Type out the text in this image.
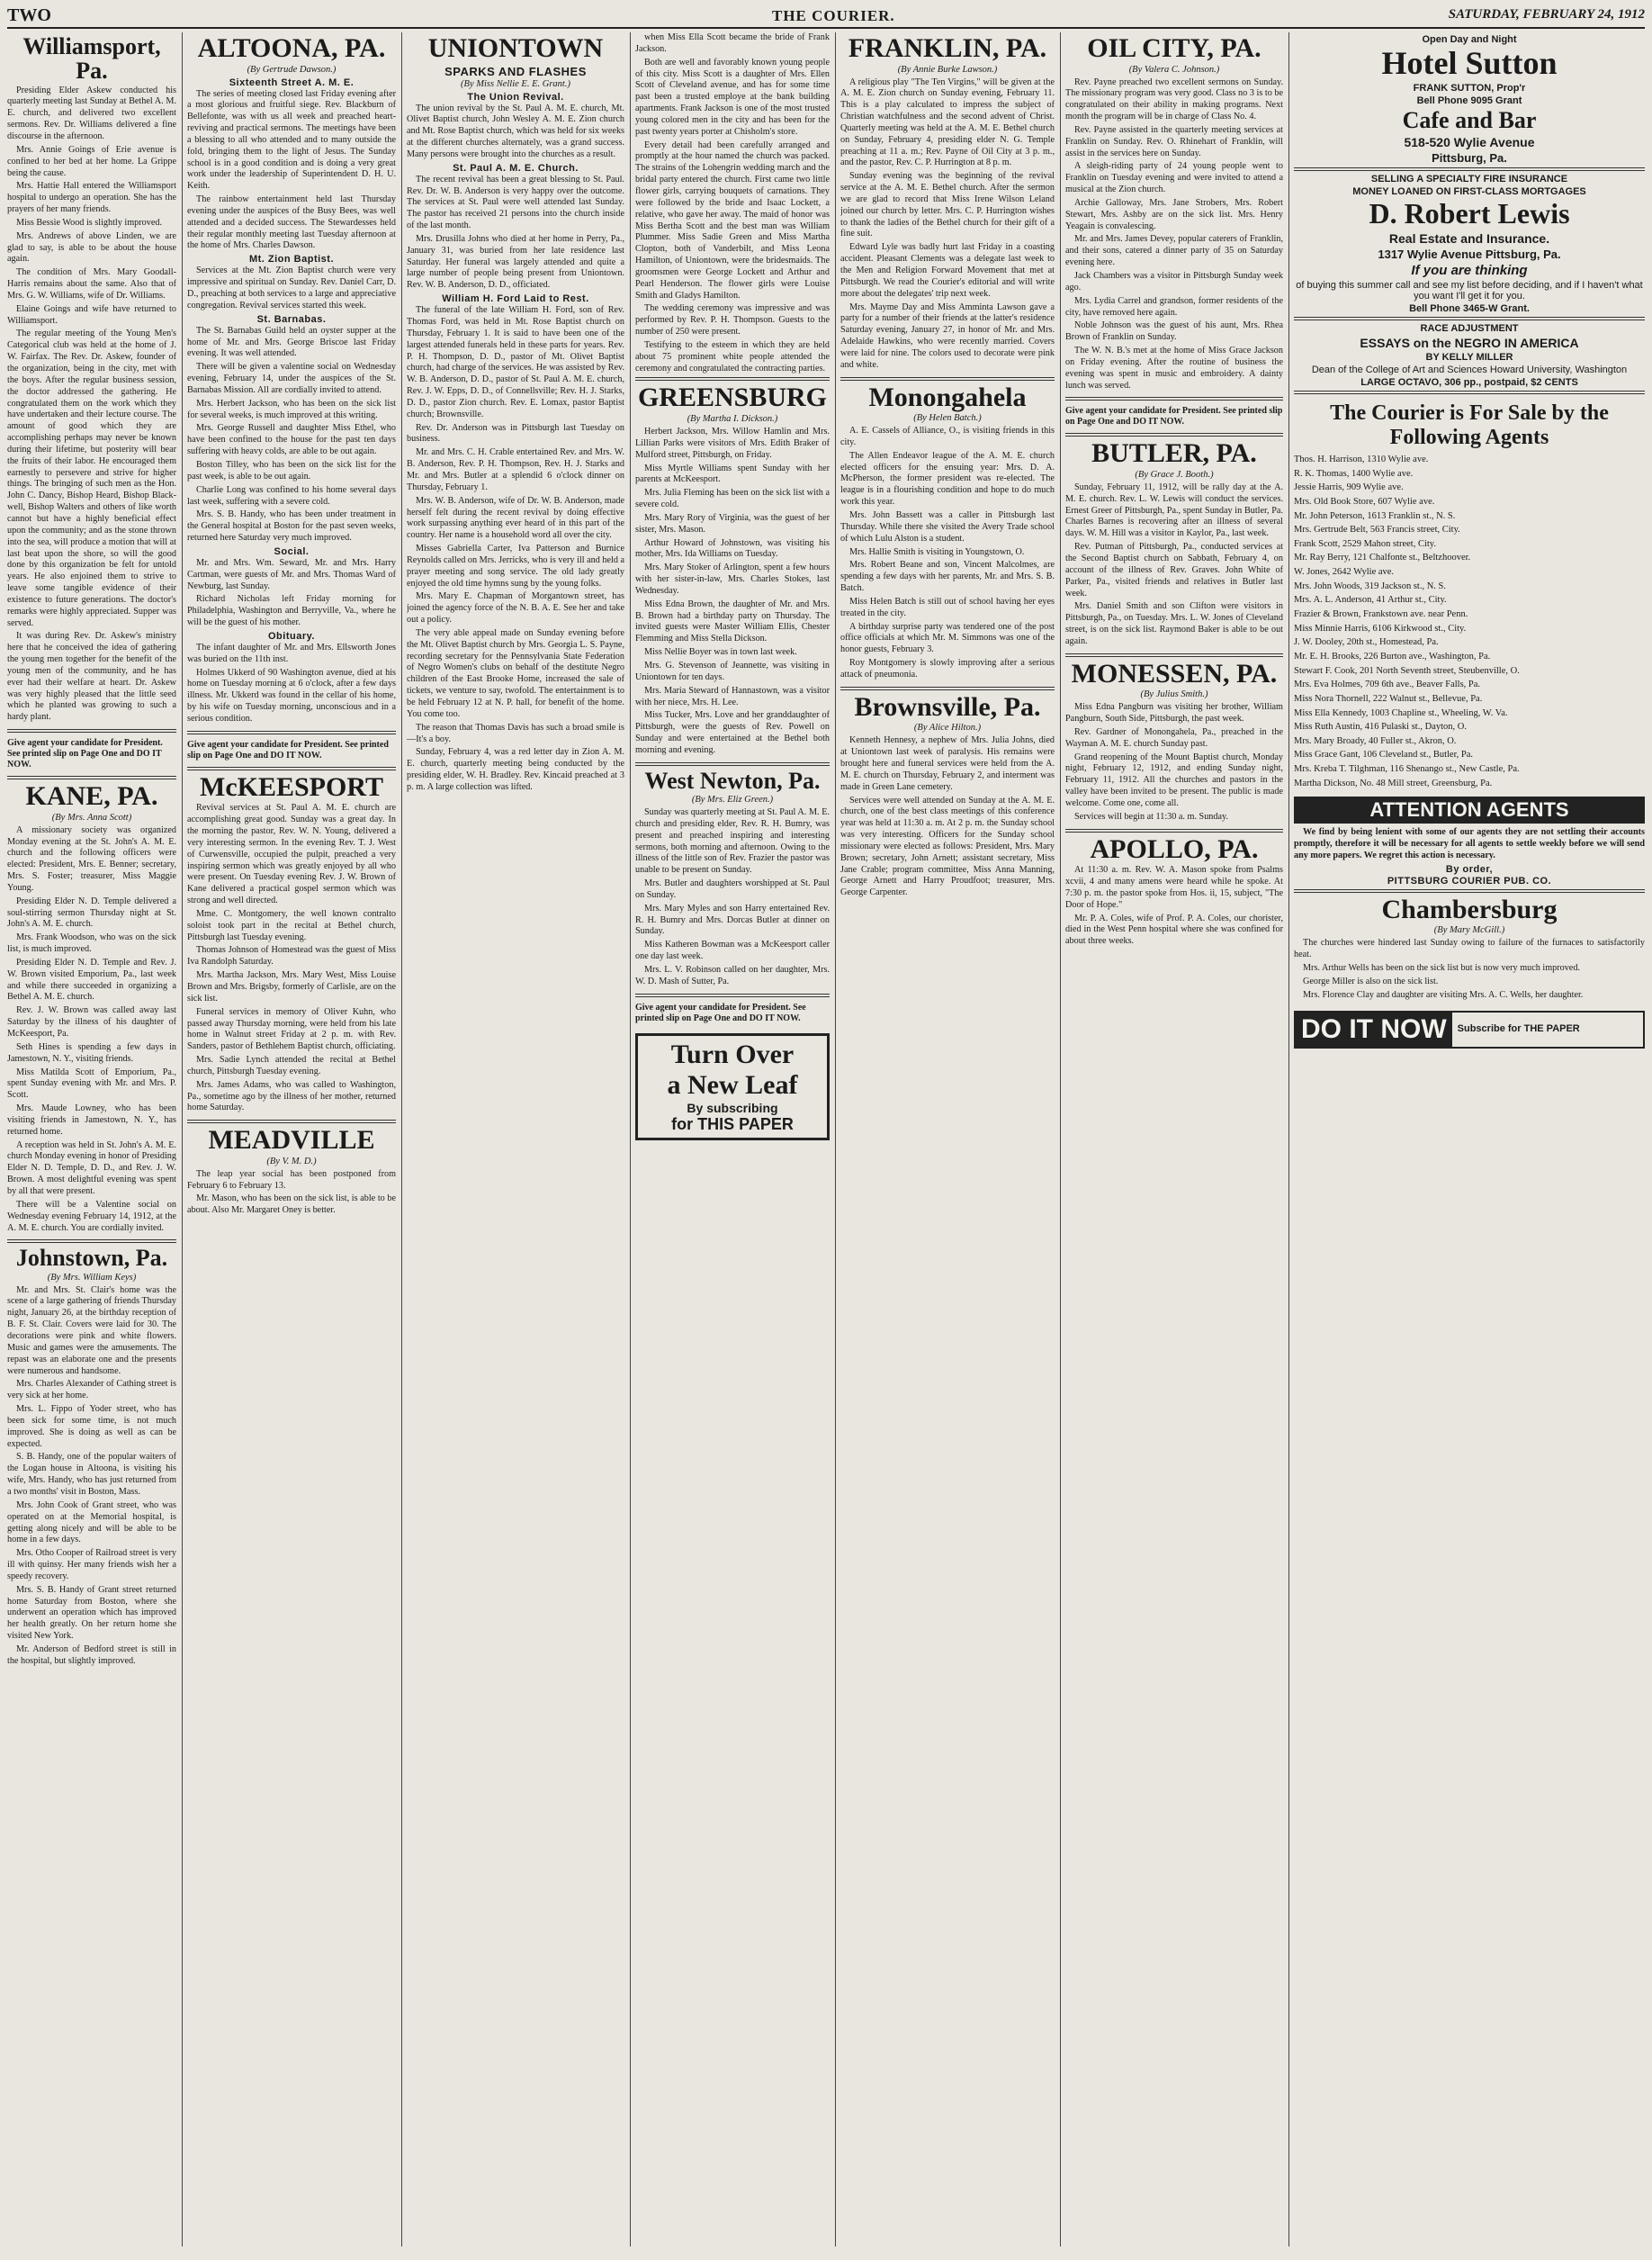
TWO	THE COURIER.	SATURDAY, FEBRUARY 24, 1912
Williamsport, Pa.
Presiding Elder Askew conducted his quarterly meeting last Sunday at Bethel A. M. E. church, and delivered two excellent sermons. Rev. Dr. Williams delivered a fine discourse in the afternoon.
Mrs. Annie Goings of Erie avenue is confined to her bed at her home. La Grippe being the cause.
Mrs. Hattie Hall entered the Williamsport hospital to undergo an operation. She has the prayers of her many friends.
Miss Bessie Wood is slightly improved.
Mrs. Andrews of above Linden, we are glad to say, is able to be about the house again.
The condition of Mrs. Mary Goodall-Harris remains about the same. Also that of Mrs. G. W. Williams, wife of Dr. Williams.
Elaine Goings and wife have returned to Williamsport.
The regular meeting of the Young Men's Categorical club was held at the home of J. W. Fairfax. The Rev. Dr. Askew, founder of the organization, being in the city, met with the boys. After the regular business session, the doctor addressed the gathering. He congratulated them on the work which they have undertaken and their lecture course. The amount of good which they are accomplishing perhaps may never be known during their lifetime, but posterity will bear the fruits of their labor. He encouraged them earnestly to persevere and strive for higher things. The bringing of such men as the Hon. John C. Dancy, Bishop Heard, Bishop Black-well, Bishop Walters and others of like worth cannot but have a highly beneficial effect upon the community; and as the stone thrown into the sea, will produce a motion that will at last beat upon the shore, so will the good done by this organization be felt for untold years. He also enjoined them to strive to leave some tangible evidence of their existence to future generations. The doctor's remarks were highly appreciated. Supper was served.
It was during Rev. Dr. Askew's ministry here that he conceived the idea of gathering the young men together for the benefit of the young men of the community, and he has ever had their welfare at heart. Dr. Askew was very highly pleased that the little seed which he planted was growing to such a hardy plant.
Give agent your candidate for President. See printed slip on Page One and DO IT NOW.
KANE, PA.
(By Mrs. Anna Scott)
A missionary society was organized Monday evening at the St. John's A. M. E. church and the following officers were elected: President, Mrs. E. Benner; secretary, Mrs. S. Foster; treasurer, Miss Maggie Young.
Presiding Elder N. D. Temple delivered a soul-stirring sermon Thursday night at St. John's A. M. E. church.
Mrs. Frank Woodson, who was on the sick list, is much improved.
Presiding Elder N. D. Temple and Rev. J. W. Brown visited Emporium, Pa., last week and while there succeeded in organizing a Bethel A. M. E. church.
Rev. J. W. Brown was called away last Saturday by the illness of his daughter of McKeesport, Pa.
Seth Hines is spending a few days in Jamestown, N. Y., visiting friends.
Miss Matilda Scott of Emporium, Pa., spent Sunday evening with Mr. and Mrs. P. Scott.
Mrs. Maude Lowney, who has been visiting friends in Jamestown, N. Y., has returned home.
A reception was held in St. John's A. M. E. church Monday evening in honor of Presiding Elder N. D. Temple, D. D., and Rev. J. W. Brown. A most delightful evening was spent by all that were present.
There will be a Valentine social on Wednesday evening February 14, 1912, at the A. M. E. church. You are cordially invited.
Johnstown, Pa.
(By Mrs. William Keys)
Mr. and Mrs. St. Clair's home was the scene of a large gathering of friends Thursday night, January 26, at the birthday reception of B. F. St. Clair. Covers were laid for 30. The decorations were pink and white flowers. Music and games were the amusements. The repast was an elaborate one and the presents were numerous and handsome.
Mrs. Charles Alexander of Cathing street is very sick at her home.
Mrs. L. Fippo of Yoder street, who has been sick for some time, is not much improved. She is doing as well as can be expected.
S. B. Handy, one of the popular waiters of the Logan house in Altoona, is visiting his wife, Mrs. Handy, who has just returned from a two months' visit in Boston, Mass.
Mrs. John Cook of Grant street, who was operated on at the Memorial hospital, is getting along nicely and will be able to be home in a few days.
Mrs. Otho Cooper of Railroad street is very ill with quinsy. Her many friends wish her a speedy recovery.
Mrs. S. B. Handy of Grant street returned home Saturday from Boston, where she underwent an operation which has improved her health greatly. On her return home she visited New York.
Mr. Anderson of Bedford street is still in the hospital, but slightly improved.
ALTOONA, PA.
(By Gertrude Dawson.)
Sixteenth Street A. M. E.
The series of meeting closed last Friday evening after a most glorious and fruitful siege. Rev. Blackburn of Bellefonte, was with us all week and preached heart-reviving and practical sermons. The meetings have been a blessing to all who attended and to many outside the fold, bringing them to the light of Jesus. The Sunday school is in a good condition and is doing a very great work under the leadership of Superintendent D. H. U. Keith.
The rainbow entertainment held last Thursday evening under the auspices of the Busy Bees, was well attended and a decided success. The Stewardesses held their regular monthly meeting last Tuesday afternoon at the home of Mrs. Charles Dawson.
Mt. Zion Baptist.
Services at the Mt. Zion Baptist church were very impressive and spiritual on Sunday. Rev. Daniel Carr, D. D., preaching at both services to a large and appreciative congregation. Revival services started this week.
St. Barnabas.
The St. Barnabas Guild held an oyster supper at the home of Mr. and Mrs. George Briscoe last Friday evening. It was well attended.
There will be given a valentine social on Wednesday evening, February 14, under the auspices of the St. Barnabas Mission. All are cordially invited to attend.
Mrs. Herbert Jackson, who has been on the sick list for several weeks, is much improved at this writing.
Mrs. George Russell and daughter Miss Ethel, who have been confined to the house for the past ten days suffering with heavy colds, are able to be out again.
Boston Tilley, who has been on the sick list for the past week, is able to be out again.
Charlie Long was confined to his home several days last week, suffering with a severe cold.
Mrs. S. B. Handy, who has been under treatment in the General hospital at Boston for the past seven weeks, returned here Saturday very much improved.
Social.
Mr. and Mrs. Wm. Seward, Mr. and Mrs. Harry Cartman, were guests of Mr. and Mrs. Thomas Ward of Newburg, last Sunday.
Richard Nicholas left Friday morning for Philadelphia, Washington and Berryville, Va., where he will be the guest of his mother.
Obituary.
The infant daughter of Mr. and Mrs. Ellsworth Jones was buried on the 11th inst.
Holmes Ukkerd of 90 Washington avenue, died at his home on Tuesday morning at 6 o'clock, after a few days illness. Mr. Ukkerd was found in the cellar of his home, by his wife on Tuesday morning, unconscious and in a serious condition.
Give agent your candidate for President. See printed slip on Page One and DO IT NOW.
McKEESPORT
Revival services at St. Paul A. M. E. church are accomplishing great good. Sunday was a great day. In the morning the pastor, Rev. W. N. Young, delivered a very interesting sermon. In the evening Rev. T. J. West of Curwensville, occupied the pulpit, preached a very inspiring sermon which was greatly enjoyed by all who were present. On Tuesday evening Rev. J. W. Brown of Kane delivered a practical gospel sermon which was strong and well directed.
Mme. C. Montgomery, the well known contralto soloist took part in the recital at Bethel church, Pittsburgh last Tuesday evening.
Thomas Johnson of Homestead was the guest of Miss Iva Randolph Saturday.
Mrs. Martha Jackson, Mrs. Mary West, Miss Louise Brown and Mrs. Brigsby, formerly of Carlisle, are on the sick list.
Funeral services in memory of Oliver Kuhn, who passed away Thursday morning, were held from his late home in Walnut street Friday at 2 p. m. with Rev. Sanders, pastor of Bethlehem Baptist church, officiating.
Mrs. Sadie Lynch attended the recital at Bethel church, Pittsburgh Tuesday evening.
Mrs. James Adams, who was called to Washington, Pa., sometime ago by the illness of her mother, returned home Saturday.
MEADVILLE
(By V. M. D.)
The leap year social has been postponed from February 6 to February 13.
Mr. Mason, who has been on the sick list, is able to be about. Also Mr. Margaret Oney is better.
UNIONTOWN
SPARKS AND FLASHES
(By Miss Nellie E. E. Grant.)
The Union Revival.
The union revival by the St. Paul A. M. E. church, Mt. Olivet Baptist church, John Wesley A. M. E. Zion church and Mt. Rose Baptist church, which was held for six weeks at the different churches alternately, was a grand success. Many persons were brought into the churches as a result.
St. Paul A. M. E. Church.
The recent revival has been a great blessing to St. Paul. Rev. Dr. W. B. Anderson is very happy over the outcome. The services at St. Paul were well attended last Sunday. The pastor has received 21 persons into the church inside of the last month.
Mrs. Drusilla Johns who died at her home in Perry, Pa., January 31, was buried from her late residence last Saturday. Her funeral was largely attended and quite a large number of people being present from Uniontown. Rev. W. B. Anderson, D. D., officiated.
William H. Ford Laid to Rest.
The funeral of the late William H. Ford, son of Rev. Thomas Ford, was held in Mt. Rose Baptist church on Thursday, February 1. It is said to have been one of the largest attended funerals held in these parts for years. Rev. P. H. Thompson, D. D., pastor of Mt. Olivet Baptist church, had charge of the services. He was assisted by Rev. W. B. Anderson, D. D., pastor of St. Paul A. M. E. church, Rev. J. W. Epps, D. D., of Connellsville; Rev. H. J. Starks, D. D., pastor Zion church. Rev. E. Lomax, pastor Baptist church; Brownsville.
Rev. Dr. Anderson was in Pittsburgh last Tuesday on business.
Mr. and Mrs. C. H. Crable entertained Rev. and Mrs. W. B. Anderson, Rev. P. H. Thompson, Rev. H. J. Starks and Mr. and Mrs. Butler at a splendid 6 o'clock dinner on Thursday, February 1.
Mrs. W. B. Anderson, wife of Dr. W. B. Anderson, made herself felt during the recent revival by doing effective work surpassing anything ever heard of in this part of the country. Her name is a household word all over the city.
Misses Gabriella Carter, Iva Patterson and Burnice Reynolds called on Mrs. Jerricks, who is very ill and held a prayer meeting and song service. The old lady greatly enjoyed the old time hymns sung by the young folks.
Mrs. Mary E. Chapman of Morgantown street, has joined the agency force of the N. B. A. E. See her and take out a policy.
The very able appeal made on Sunday evening before the Mt. Olivet Baptist church by Mrs. Georgia L. S. Payne, recording secretary for the Pennsylvania State Federation of Negro Women's clubs on behalf of the destitute Negro children of the East Brooke Home, increased the sale of tickets, we venture to say, twofold. The entertainment is to be held February 12 at N. P. hall, for benefit of the home. You come too.
The reason that Thomas Davis has such a broad smile is—It's a boy.
Sunday, February 4, was a red letter day in Zion A. M. E. church, quarterly meeting being conducted by the presiding elder, W. H. Bradley. Rev. Kincaid preached at 3 p. m. A large collection was lifted.
when Miss Ella Scott became the bride of Frank Jackson.
Both are well and favorably known young people of this city. Miss Scott is a daughter of Mrs. Ellen Scott of Cleveland avenue, and has for some time past been a trusted employe at the bank building apartments. Frank Jackson is one of the most trusted young colored men in the city and has been for the past twenty years porter at Chisholm's store.
Every detail had been carefully arranged and promptly at the hour named the church was packed. The strains of the Lohengrin wedding march and the bridal party entered the church. First came two little flower girls, carrying bouquets of carnations. They were followed by the bride and Isaac Lockett, a relative, who gave her away. The maid of honor was Miss Bertha Scott and the best man was William Plummer. Miss Sadie Green and Miss Martha Clopton, both of Vanderbilt, and Miss Leona Hamilton, of Uniontown, were the bridesmaids. The groomsmen were George Lockett and Arthur and Pearl Henderson. The flower girls were Louise Smith and Gladys Hamilton.
The wedding ceremony was impressive and was performed by Rev. P. H. Thompson. Guests to the number of 250 were present.
Testifying to the esteem in which they are held about 75 prominent white people attended the ceremony and congratulated the contracting parties.
GREENSBURG
(By Martha I. Dickson.)
Herbert Jackson, Mrs. Willow Hamlin and Mrs. Lillian Parks were visitors of Mrs. Edith Braker of Mulford street, Pittsburgh, on Friday.
Miss Myrtle Williams spent Sunday with her parents at McKeesport.
Mrs. Julia Fleming has been on the sick list with a severe cold.
Mrs. Mary Rory of Virginia, was the guest of her sister, Mrs. Mason.
Arthur Howard of Johnstown, was visiting his mother, Mrs. Ida Williams on Tuesday.
Mrs. Mary Stoker of Arlington, spent a few hours with her sister-in-law, Mrs. Charles Stokes, last Wednesday.
Miss Edna Brown, the daughter of Mr. and Mrs. B. Brown had a birthday party on Thursday. The invited guests were Master William Ellis, Chester Flemming and Miss Stella Dickson.
Miss Nellie Boyer was in town last week.
Mrs. G. Stevenson of Jeannette, was visiting in Uniontown for ten days.
Mrs. Maria Steward of Hannastown, was a visitor with her niece, Mrs. H. Lee.
Miss Tucker, Mrs. Love and her granddaughter of Pittsburgh, were the guests of Rev. Powell on Sunday and were entertained at the Bethel both morning and evening.
West Newton, Pa.
(By Mrs. Eliz Green.)
Sunday was quarterly meeting at St. Paul A. M. E. church and presiding elder, Rev. R. H. Bumry, was present and preached inspiring and interesting sermons, both morning and afternoon. Owing to the illness of the little son of Rev. Frazier the pastor was unable to be present on Sunday.
Mrs. Butler and daughters worshipped at St. Paul on Sunday.
Mrs. Mary Myles and son Harry entertained Rev. R. H. Bumry and Mrs. Dorcas Butler at dinner on Sunday.
Miss Katheren Bowman was a McKeesport caller one day last week.
Mrs. L. V. Robinson called on her daughter, Mrs. W. D. Mash of Sutter, Pa.
Give agent your candidate for President. See printed slip on Page One and DO IT NOW.
Turn Over
a New Leaf
By subscribing
for THIS PAPER
FRANKLIN, PA.
(By Annie Burke Lawson.)
A religious play "The Ten Virgins," will be given at the A. M. E. Zion church on Sunday evening, February 11. This is a play calculated to impress the subject of Christian watchfulness and the second advent of Christ. Quarterly meeting was held at the A. M. E. Bethel church on Sunday, February 4, presiding elder N. G. Temple preaching at 11 a. m.; Rev. Payne of Oil City at 3 p. m., and the pastor, Rev. C. P. Hurrington at 8 p. m.
Sunday evening was the beginning of the revival service at the A. M. E. Bethel church. After the sermon we are glad to record that Miss Irene Wilson Leland joined our church by letter. Mrs. C. P. Hurrington wishes to thank the ladies of the Bethel church for their gift of a fine suit.
Edward Lyle was badly hurt last Friday in a coasting accident. Pleasant Clements was a delegate last week to the Men and Religion Forward Movement that met at Pittsburgh. We read the Courier's editorial and will write more about the delegates' trip next week.
Mrs. Mayme Day and Miss Amminta Lawson gave a party for a number of their friends at the latter's residence Saturday evening, January 27, in honor of Mr. and Mrs. Adelaide Hawkins, who were recently married. Covers were laid for nine. The colors used to decorate were pink and white.
Monongahela
(By Helen Batch.)
A. E. Cassels of Alliance, O., is visiting friends in this city.
The Allen Endeavor league of the A. M. E. church elected officers for the ensuing year: Mrs. D. A. McPherson, the former president was re-elected. The league is in a flourishing condition and hope to do much work this year.
Mrs. John Bassett was a caller in Pittsburgh last Thursday. While there she visited the Avery Trade school of which Lulu Alston is a student.
Mrs. Hallie Smith is visiting in Youngstown, O.
Mrs. Robert Beane and son, Vincent Malcolmes, are spending a few days with her parents, Mr. and Mrs. S. B. Batch.
Miss Helen Batch is still out of school having her eyes treated in the city.
A birthday surprise party was tendered one of the post office officials at which Mr. M. Simmons was one of the honor guests, February 3.
Roy Montgomery is slowly improving after a serious attack of pneumonia.
Brownsville, Pa.
(By Alice Hilton.)
Kenneth Hennesy, a nephew of Mrs. Julia Johns, died at Uniontown last week of paralysis. His remains were brought here and funeral services were held from the A. M. E. church on Thursday, February 2, and interment was made in Green Lane cemetery.
Services were well attended on Sunday at the A. M. E. church, one of the best class meetings of this conference year was held at 11:30 a. m. At 2 p. m. the Sunday school was very interesting. Officers for the Sunday school missionary were elected as follows: President, Mrs. Mary Brown; secretary, John Arnett; assistant secretary, Miss Jane Crable; program committee, Miss Anna Manning, George Arnett and Harry Proudfoot; treasurer, Mrs. George Carpenter.
OIL CITY, PA.
(By Valera C. Johnson.)
Rev. Payne preached two excellent sermons on Sunday. The missionary program was very good. Class no 3 is to be congratulated on their ability in making programs. Next month the program will be in charge of Class No. 4.
Rev. Payne assisted in the quarterly meeting services at Franklin on Sunday. Rev. O. Rhinehart of Franklin, will assist in the services here on Sunday.
A sleigh-riding party of 24 young people went to Franklin on Tuesday evening and were invited to attend a musical at the Zion church.
Archie Galloway, Mrs. Jane Strobers, Mrs. Robert Stewart, Mrs. Ashby are on the sick list. Mrs. Henry Yeagain is convalescing.
Mr. and Mrs. James Devey, popular caterers of Franklin, and their sons, catered a dinner party of 35 on Saturday evening here.
Jack Chambers was a visitor in Pittsburgh Sunday week ago.
Mrs. Lydia Carrel and grandson, former residents of the city, have removed here again.
Noble Johnson was the guest of his aunt, Mrs. Rhea Brown of Franklin on Sunday.
The W. N. B.'s met at the home of Miss Grace Jackson on Friday evening. After the routine of business the evening was spent in music and embroidery. A dainty lunch was served.
Give agent your candidate for President. See printed slip on Page One and DO IT NOW.
BUTLER, PA.
(By Grace J. Booth.)
Sunday, February 11, 1912, will be rally day at the A. M. E. church. Rev. L. W. Lewis will conduct the services. Ernest Greer of Pittsburgh, Pa., spent Sunday in Butler, Pa. Charles Barnes is recovering after an illness of several days. W. M. Hill was a visitor in Kaylor, Pa., last week.
Rev. Putman of Pittsburgh, Pa., conducted services at the Second Baptist church on Sabbath, February 4, on account of the illness of Rev. Graves. John White of Parker, Pa., visited friends and relatives in Butler last week.
Mrs. Daniel Smith and son Clifton were visitors in Pittsburgh, Pa., on Tuesday. Mrs. L. W. Jones of Cleveland street, is on the sick list. Raymond Baker is able to be out again.
MONESSEN, PA.
(By Julius Smith.)
Miss Edna Pangburn was visiting her brother, William Pangburn, South Side, Pittsburgh, the past week.
Rev. Gardner of Monongahela, Pa., preached in the Wayman A. M. E. church Sunday past.
Grand reopening of the Mount Baptist church, Monday night, February 12, 1912, and ending Sunday night, February 11, 1912. All the churches and pastors in the valley have been invited to be present. The public is made welcome. Come one, come all.
Services will begin at 11:30 a. m. Sunday.
APOLLO, PA.
At 11:30 a. m. Rev. W. A. Mason spoke from Psalms xcvii, 4 and many amens were heard while he spoke. At 7:30 p. m. the pastor spoke from Hos. ii, 15, subject, "The Door of Hope."
Mr. P. A. Coles, wife of Prof. P. A. Coles, our chorister, died in the West Penn hospital where she was confined for about three weeks.
Open Day and Night
Hotel Sutton
FRANK SUTTON, Prop'r
Bell Phone 9095 Grant
Cafe and Bar
518-520 Wylie Avenue
Pittsburg, Pa.
SELLING A SPECIALTY FIRE INSURANCE
MONEY LOANED ON FIRST-CLASS MORTGAGES
D. Robert Lewis
Real Estate and Insurance.
1317 Wylie Avenue Pittsburg, Pa.
If you are thinking
of buying this summer call and see my list before deciding, and if I haven't what you want I'll get it for you.
Bell Phone 3465-W Grant.
RACE ADJUSTMENT
ESSAYS on the NEGRO IN AMERICA
BY KELLY MILLER
Dean of the College of Art and Sciences Howard University, Washington
LARGE OCTAVO, 306 pp., postpaid, $2 CENTS
The Courier is For Sale by the Following Agents
Thos. H. Harrison, 1310 Wylie ave.
R. K. Thomas, 1400 Wylie ave.
Jessie Harris, 909 Wylie ave.
Mrs. Old Book Store, 607 Wylie ave.
Mr. John Peterson, 1613 Franklin st., N. S.
Mrs. Gertrude Belt, 563 Francis street, City.
Frank Scott, 2529 Mahon street, City.
Mr. Ray Berry, 121 Chalfonte st., Beltzhoover.
W. Jones, 2642 Wylie ave.
Mrs. John Woods, 319 Jackson st., N. S.
Mrs. A. L. Anderson, 41 Arthur st., City.
Frazier & Brown, Frankstown ave. near Penn.
Miss Minnie Harris, 6106 Kirkwood st., City.
J. W. Dooley, 20th st., Homestead, Pa.
Mr. E. H. Brooks, 226 Burton ave., Washington, Pa.
Stewart F. Cook, 201 North Seventh street, Steubenville, O.
Mrs. Eva Holmes, 709 6th ave., Beaver Falls, Pa.
Miss Nora Thornell, 222 Walnut st., Bellevue, Pa.
Miss Ella Kennedy, 1003 Chapline st., Wheeling, W. Va.
Miss Ruth Austin, 416 Pulaski st., Dayton, O.
Mrs. Mary Broady, 40 Fuller st., Akron, O.
Miss Grace Gant, 106 Cleveland st., Butler, Pa.
Mrs. Kreba T. Tilghman, 116 Shenango st., New Castle, Pa.
Martha Dickson, No. 48 Mill street, Greensburg, Pa.
ATTENTION AGENTS
We find by being lenient with some of our agents they are not settling their accounts promptly, therefore it will be necessary for all agents to settle weekly before we will send any more papers. We regret this action is necessary.
By order,
PITTSBURG COURIER PUB. CO.
Chambersburg
(By Mary McGill.)
The churches were hindered last Sunday owing to failure of the furnaces to satisfactorily heat.
Mrs. Arthur Wells has been on the sick list but is now very much improved.
George Miller is also on the sick list.
Mrs. Florence Clay and daughter are visiting Mrs. A. C. Wells, her daughter.
DO IT NOW	Subscribe for THE PAPER
